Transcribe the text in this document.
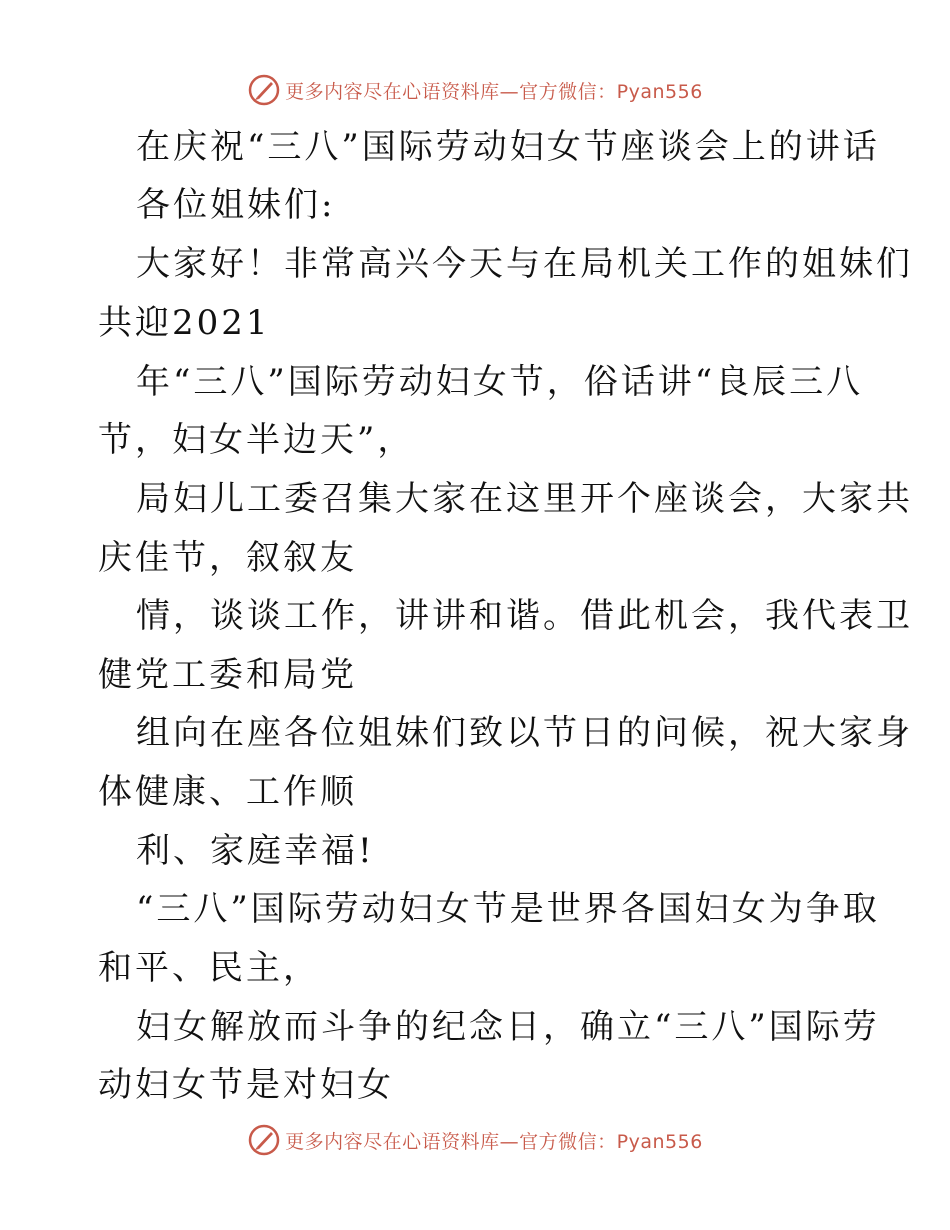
更多内容尽在心语资料库—官方微信：Pyan556
在庆祝“三八”国际劳动妇女节座谈会上的讲话
各位姐妹们:
大家好！非常高兴今天与在局机关工作的姐妹们
共迎2021
年“三八”国际劳动妇女节，俗话讲“良辰三八
节，妇女半边天”，
局妇儿工委召集大家在这里开个座谈会，大家共
庆佳节，叙叙友
情，谈谈工作，讲讲和谐。借此机会，我代表卫
健党工委和局党
组向在座各位姐妹们致以节日的问候，祝大家身
体健康、工作顺
利、家庭幸福!
“三八”国际劳动妇女节是世界各国妇女为争取
和平、民主，
妇女解放而斗争的纪念日，确立“三八”国际劳
动妇女节是对妇女
更多内容尽在心语资料库—官方微信：Pyan556
